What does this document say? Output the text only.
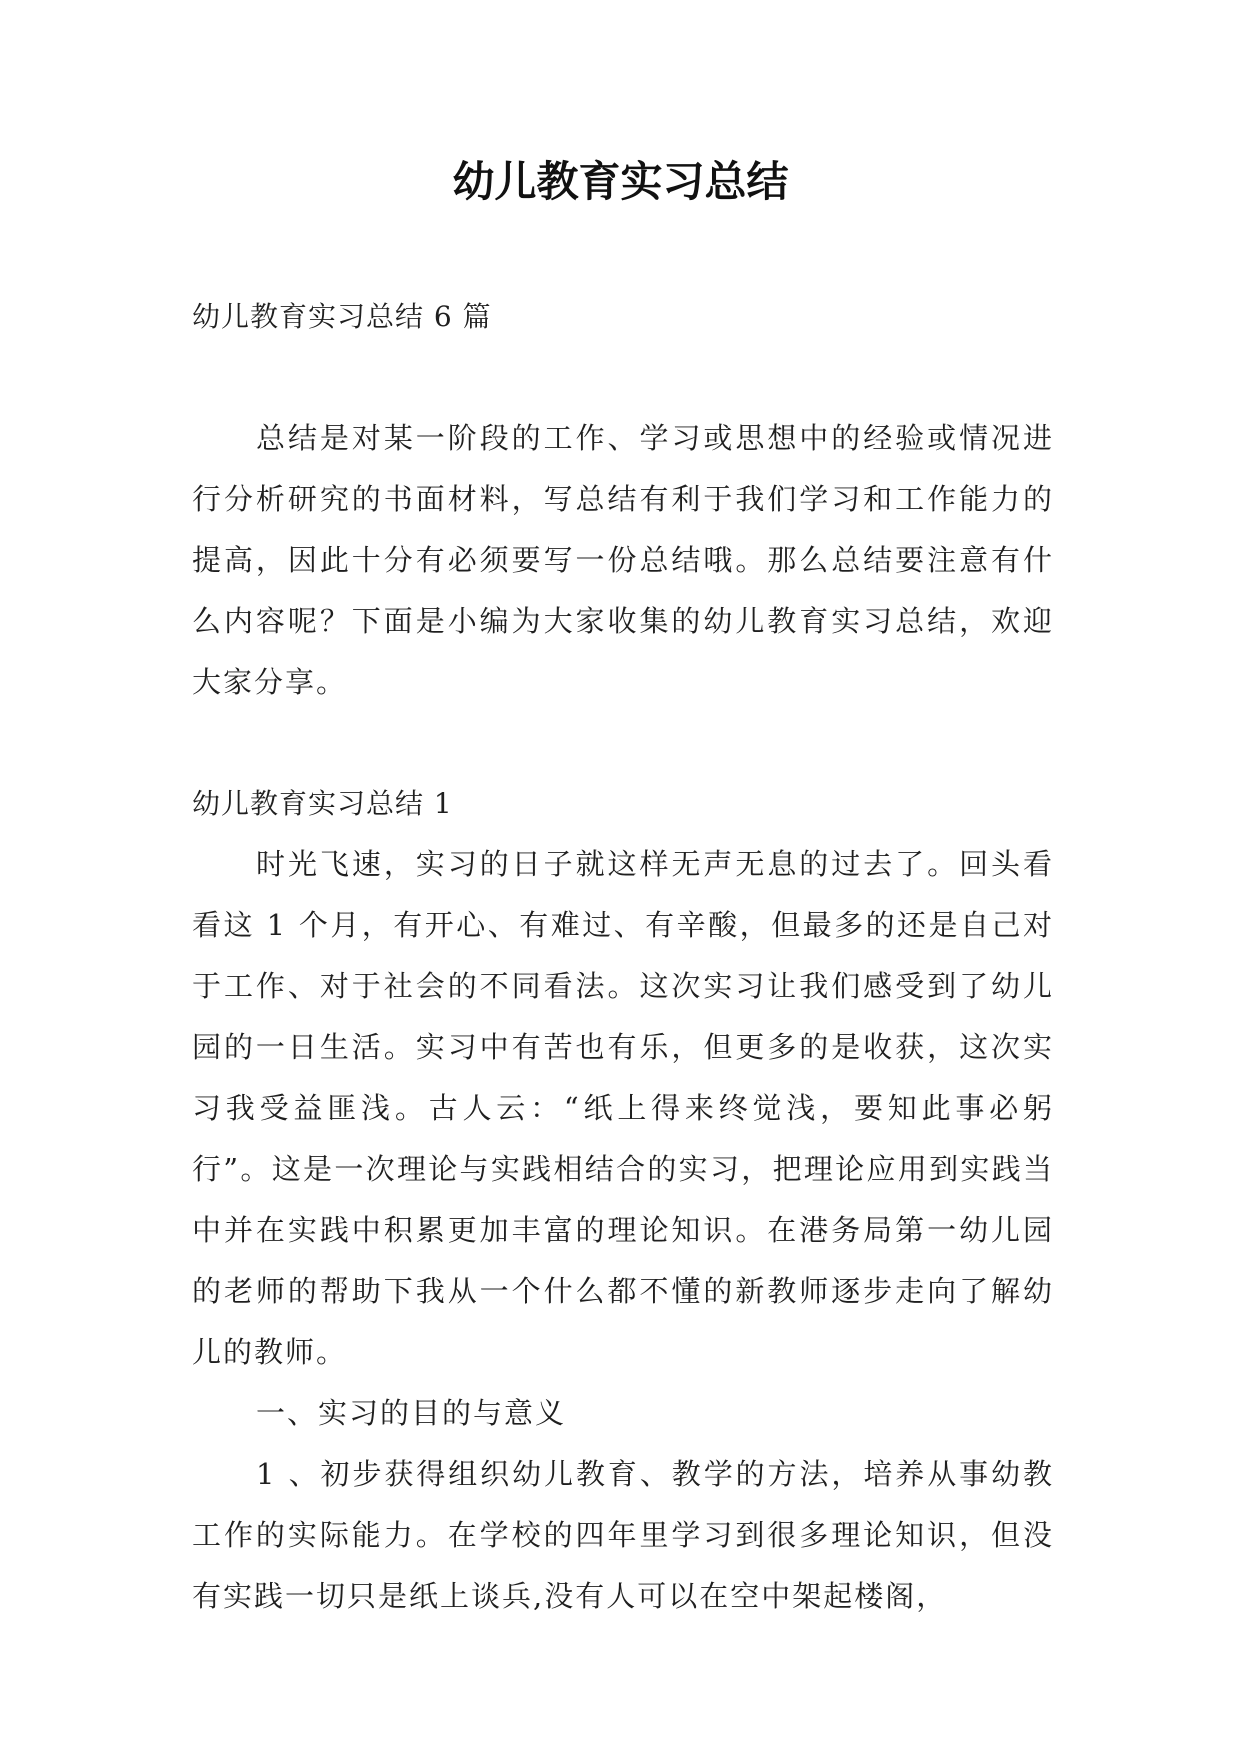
幼儿教育实习总结

幼儿教育实习总结 6 篇

总结是对某一阶段的工作、学习或思想中的经验或情况进行分析研究的书面材料，写总结有利于我们学习和工作能力的提高，因此十分有必须要写一份总结哦。那么总结要注意有什么内容呢？下面是小编为大家收集的幼儿教育实习总结，欢迎大家分享。

幼儿教育实习总结 1

时光飞速，实习的日子就这样无声无息的过去了。回头看看这 1 个月，有开心、有难过、有辛酸，但最多的还是自己对于工作、对于社会的不同看法。这次实习让我们感受到了幼儿园的一日生活。实习中有苦也有乐，但更多的是收获，这次实习我受益匪浅。古人云：“纸上得来终觉浅，要知此事必躬行”。这是一次理论与实践相结合的实习，把理论应用到实践当中并在实践中积累更加丰富的理论知识。在港务局第一幼儿园的老师的帮助下我从一个什么都不懂的新教师逐步走向了解幼儿的教师。

一、实习的目的与意义

1 、初步获得组织幼儿教育、教学的方法，培养从事幼教工作的实际能力。在学校的四年里学习到很多理论知识，但没有实践一切只是纸上谈兵,没有人可以在空中架起楼阁，
